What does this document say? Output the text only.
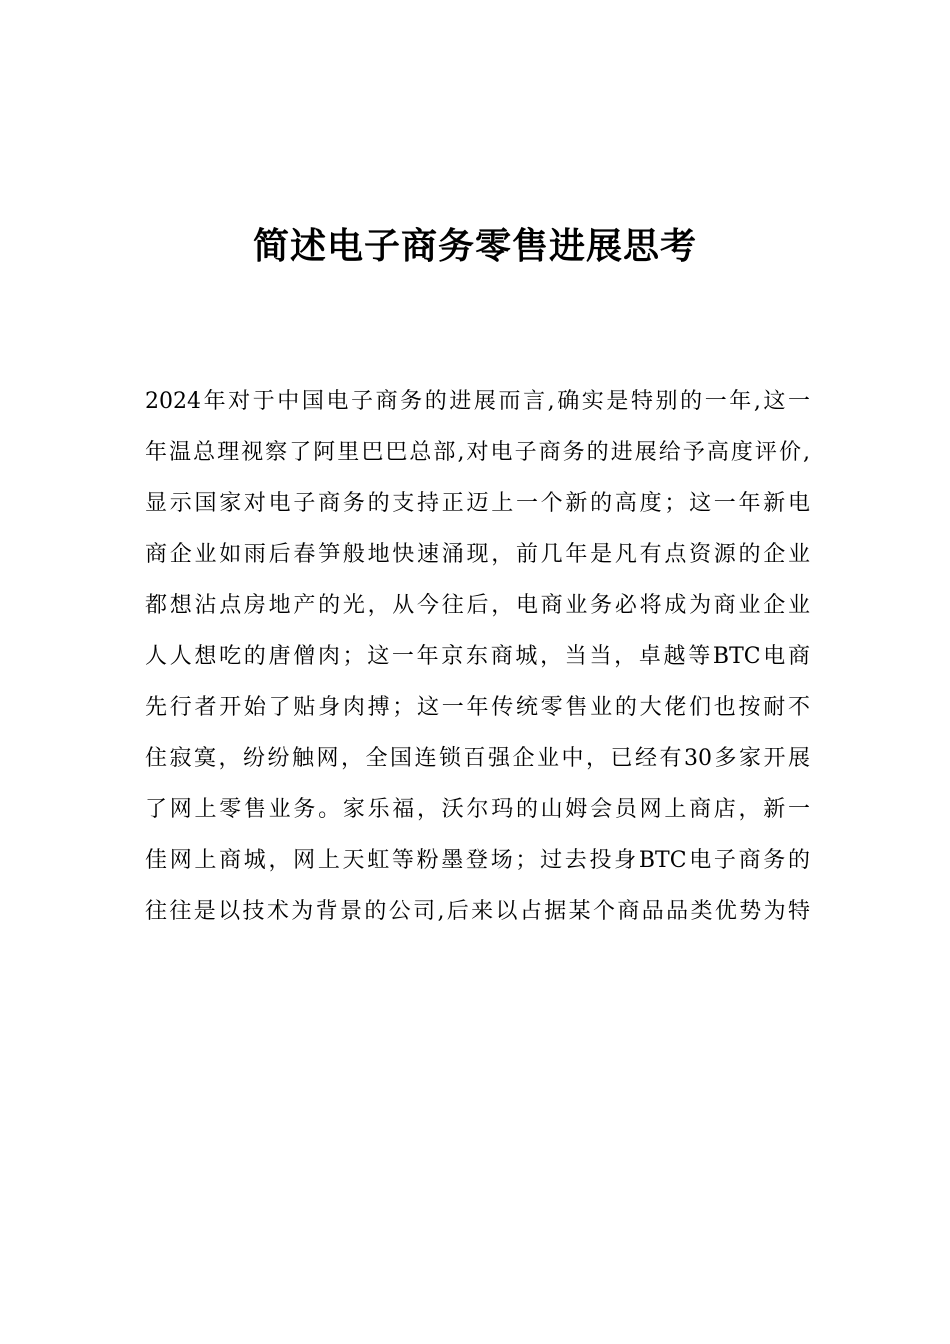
简述电子商务零售进展思考
2024年对于中国电子商务的进展而言,确实是特别的一年,这一
年温总理视察了阿里巴巴总部,对电子商务的进展给予高度评价,
显示国家对电子商务的支持正迈上一个新的高度；这一年新电
商企业如雨后春笋般地快速涌现，前几年是凡有点资源的企业
都想沾点房地产的光，从今往后，电商业务必将成为商业企业
人人想吃的唐僧肉；这一年京东商城，当当，卓越等BTC电商
先行者开始了贴身肉搏；这一年传统零售业的大佬们也按耐不
住寂寞，纷纷触网，全国连锁百强企业中，已经有30多家开展
了网上零售业务。家乐福，沃尔玛的山姆会员网上商店，新一
佳网上商城，网上天虹等粉墨登场；过去投身BTC电子商务的
往往是以技术为背景的公司,后来以占据某个商品品类优势为特
